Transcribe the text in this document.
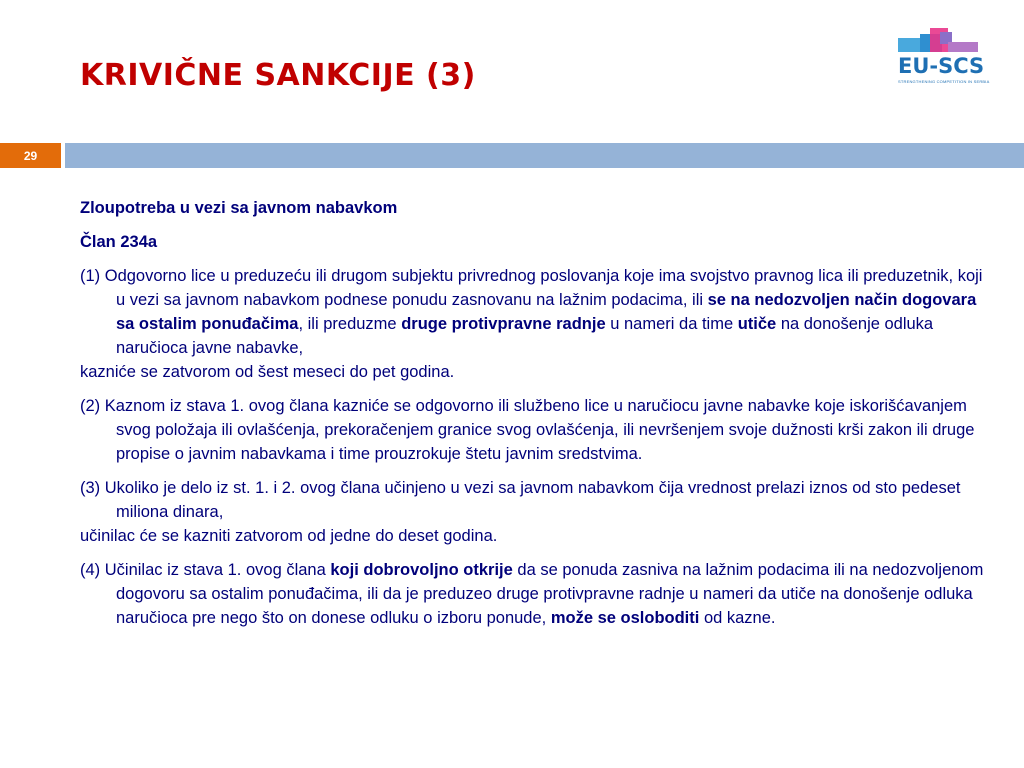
KRIVIČNE SANKCIJE (3)	EU-SCS
STRENGTHENING COMPETITION IN SERBIA
29

Zloupotreba u vezi sa javnom nabavkom

Član 234a

(1) Odgovorno lice u preduzeću ili drugom subjektu privrednog poslovanja koje ima svojstvo pravnog lica ili preduzetnik, koji u vezi sa javnom nabavkom podnese ponudu zasnovanu na lažnim podacima, ili se na nedozvoljen način dogovara sa ostalim ponuđačima, ili preduzme druge protivpravne radnje u nameri da time utiče na donošenje odluka naručioca javne nabavke,
kazniće se zatvorom od šest meseci do pet godina.

(2) Kaznom iz stava 1. ovog člana kazniće se odgovorno ili službeno lice u naručiocu javne nabavke koje iskorišćavanjem svog položaja ili ovlašćenja, prekoračenjem granice svog ovlašćenja, ili nevršenjem svoje dužnosti krši zakon ili druge propise o javnim nabavkama i time prouzrokuje štetu javnim sredstvima.

(3) Ukoliko je delo iz st. 1. i 2. ovog člana učinjeno u vezi sa javnom nabavkom čija vrednost prelazi iznos od sto pedeset miliona dinara,
učinilac će se kazniti zatvorom od jedne do deset godina.

(4) Učinilac iz stava 1. ovog člana koji dobrovoljno otkrije da se ponuda zasniva na lažnim podacima ili na nedozvoljenom dogovoru sa ostalim ponuđačima, ili da je preduzeo druge protivpravne radnje u nameri da utiče na donošenje odluka naručioca pre nego što on donese odluku o izboru ponude, može se osloboditi od kazne.
